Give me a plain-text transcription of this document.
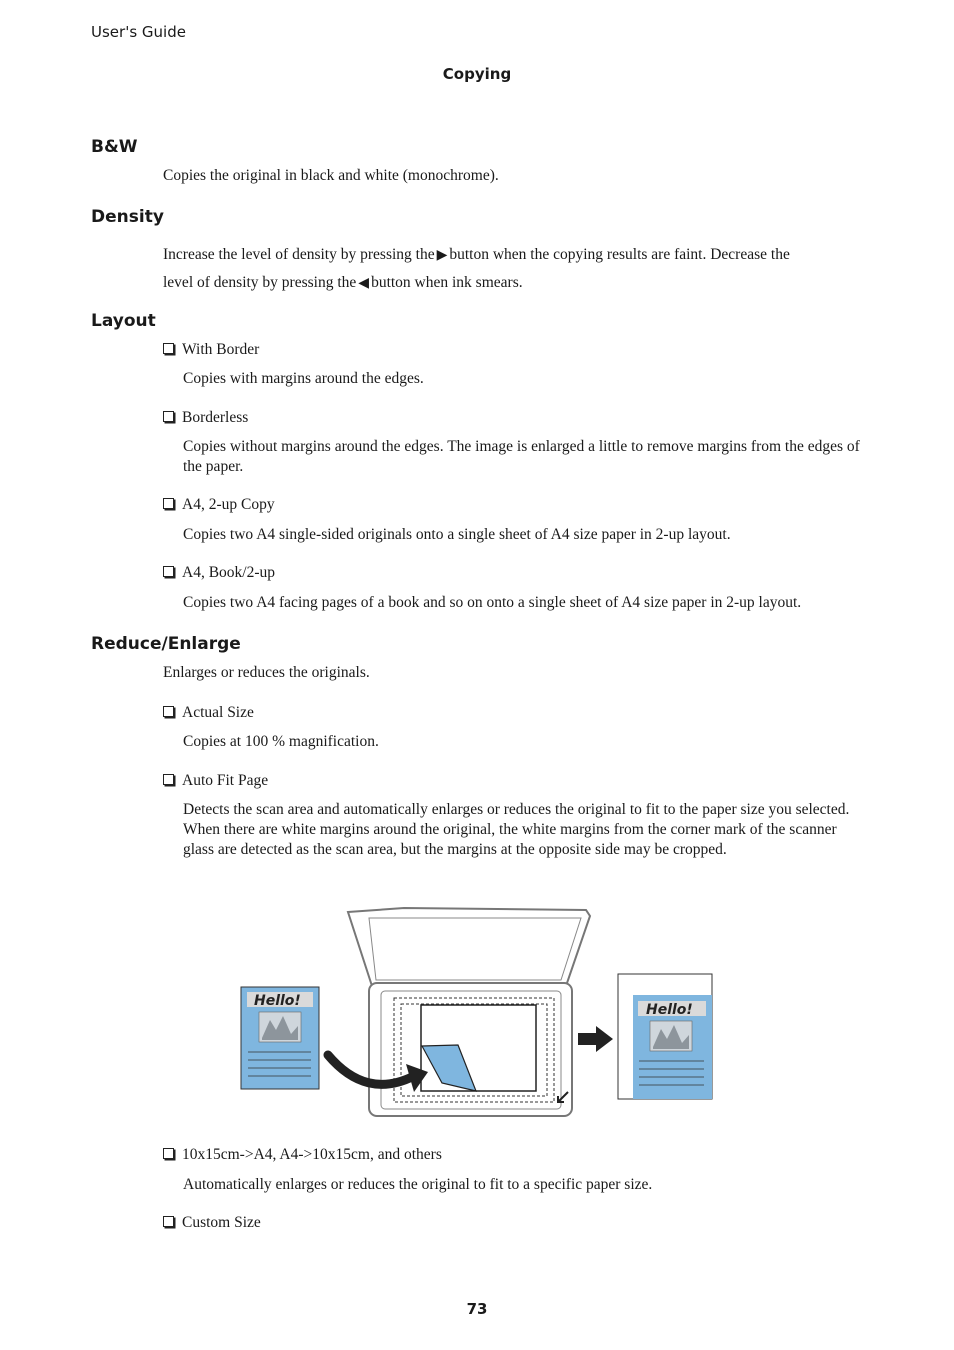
User's Guide
Copying
B&W
Copies the original in black and white (monochrome).
Density
Increase the level of density by pressing the ▶ button when the copying results are faint. Decrease the
level of density by pressing the ◀ button when ink smears.
Layout
With Border
Copies with margins around the edges.
Borderless
Copies without margins around the edges. The image is enlarged a little to remove margins from the edges of the paper.
A4, 2-up Copy
Copies two A4 single-sided originals onto a single sheet of A4 size paper in 2-up layout.
A4, Book/2-up
Copies two A4 facing pages of a book and so on onto a single sheet of A4 size paper in 2-up layout.
Reduce/Enlarge
Enlarges or reduces the originals.
Actual Size
Copies at 100 % magnification.
Auto Fit Page
Detects the scan area and automatically enlarges or reduces the original to fit to the paper size you selected. When there are white margins around the original, the white margins from the corner mark of the scanner glass are detected as the scan area, but the margins at the opposite side may be cropped.
Hello!
Hello!
10x15cm->A4, A4->10x15cm, and others
Automatically enlarges or reduces the original to fit to a specific paper size.
Custom Size
73
